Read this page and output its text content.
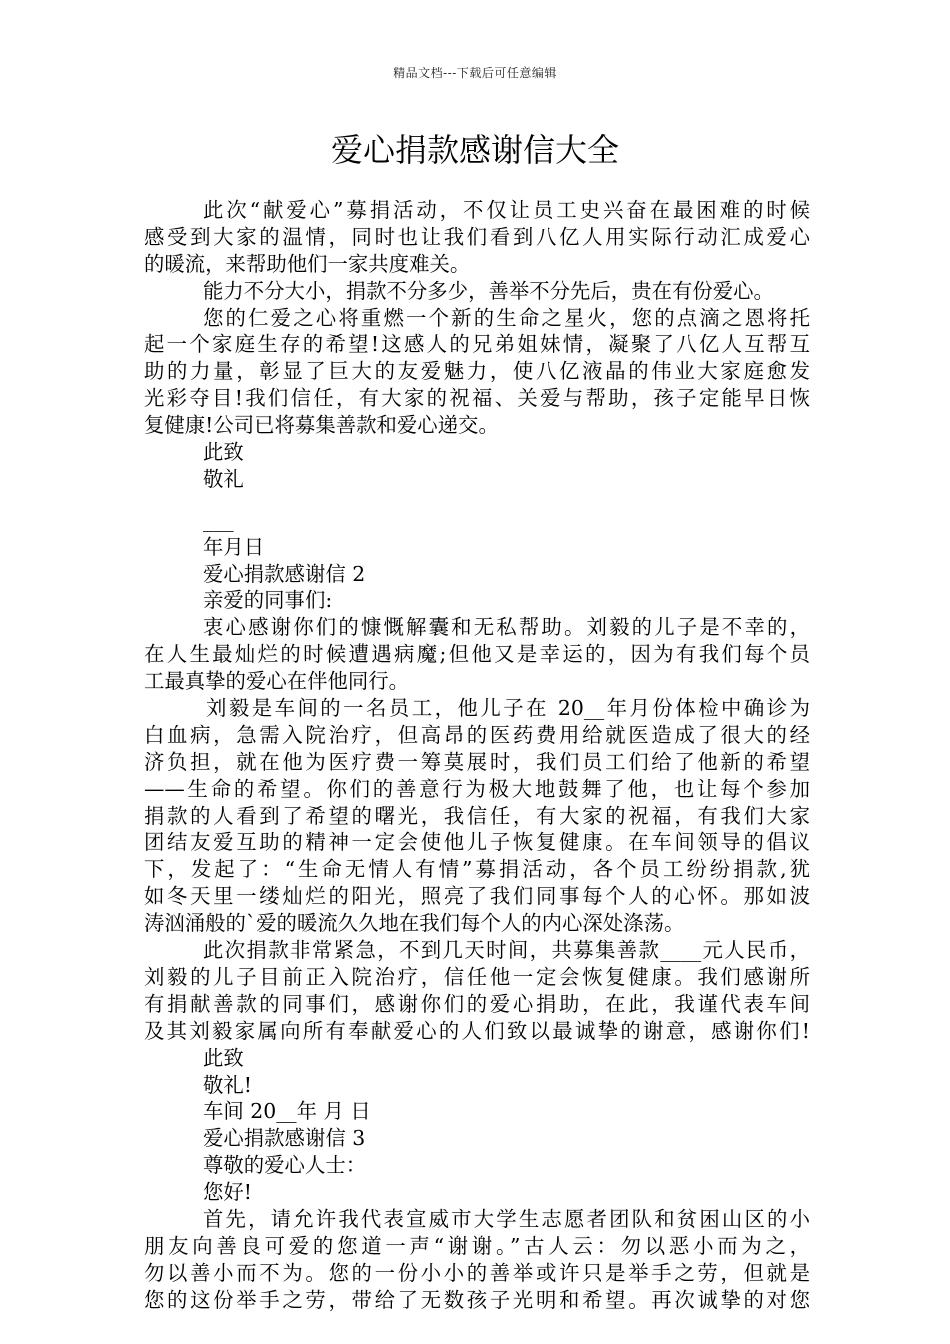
精品文档---下载后可任意编辑
爱心捐款感谢信大全
此次“献爱心”募捐活动，不仅让员工史兴奋在最困难的时候
感受到大家的温情，同时也让我们看到八亿人用实际行动汇成爱心
的暖流，来帮助他们一家共度难关。
能力不分大小，捐款不分多少，善举不分先后，贵在有份爱心。
您的仁爱之心将重燃一个新的生命之星火，您的点滴之恩将托
起一个家庭生存的希望!这感人的兄弟姐妹情，凝聚了八亿人互帮互
助的力量，彰显了巨大的友爱魅力，使八亿液晶的伟业大家庭愈发
光彩夺目!我们信任，有大家的祝福、关爱与帮助，孩子定能早日恢
复健康!公司已将募集善款和爱心递交。
此致
敬礼
___
年月日
爱心捐款感谢信 2
亲爱的同事们:
衷心感谢你们的慷慨解囊和无私帮助。刘毅的儿子是不幸的，
在人生最灿烂的时候遭遇病魔;但他又是幸运的，因为有我们每个员
工最真挚的爱心在伴他同行。
刘毅是车间的一名员工，他儿子在 20__年月份体检中确诊为
白血病，急需入院治疗，但高昂的医药费用给就医造成了很大的经
济负担，就在他为医疗费一筹莫展时，我们员工们给了他新的希望
——生命的希望。你们的善意行为极大地鼓舞了他，也让每个参加
捐款的人看到了希望的曙光，我信任，有大家的祝福，有我们大家
团结友爱互助的精神一定会使他儿子恢复健康。在车间领导的倡议
下，发起了：“生命无情人有情”募捐活动，各个员工纷纷捐款,犹
如冬天里一缕灿烂的阳光，照亮了我们同事每个人的心怀。那如波
涛汹涌般的`爱的暖流久久地在我们每个人的内心深处涤荡。
此次捐款非常紧急，不到几天时间，共募集善款____元人民币，
刘毅的儿子目前正入院治疗，信任他一定会恢复健康。我们感谢所
有捐献善款的同事们，感谢你们的爱心捐助，在此，我谨代表车间
及其刘毅家属向所有奉献爱心的人们致以最诚挚的谢意，感谢你们!
此致
敬礼!
车间 20__年 月 日
爱心捐款感谢信 3
尊敬的爱心人士：
您好!
首先，请允许我代表宣威市大学生志愿者团队和贫困山区的小
朋友向善良可爱的您道一声“谢谢。”古人云：勿以恶小而为之，
勿以善小而不为。您的一份小小的善举或许只是举手之劳，但就是
您的这份举手之劳，带给了无数孩子光明和希望。再次诚挚的对您
